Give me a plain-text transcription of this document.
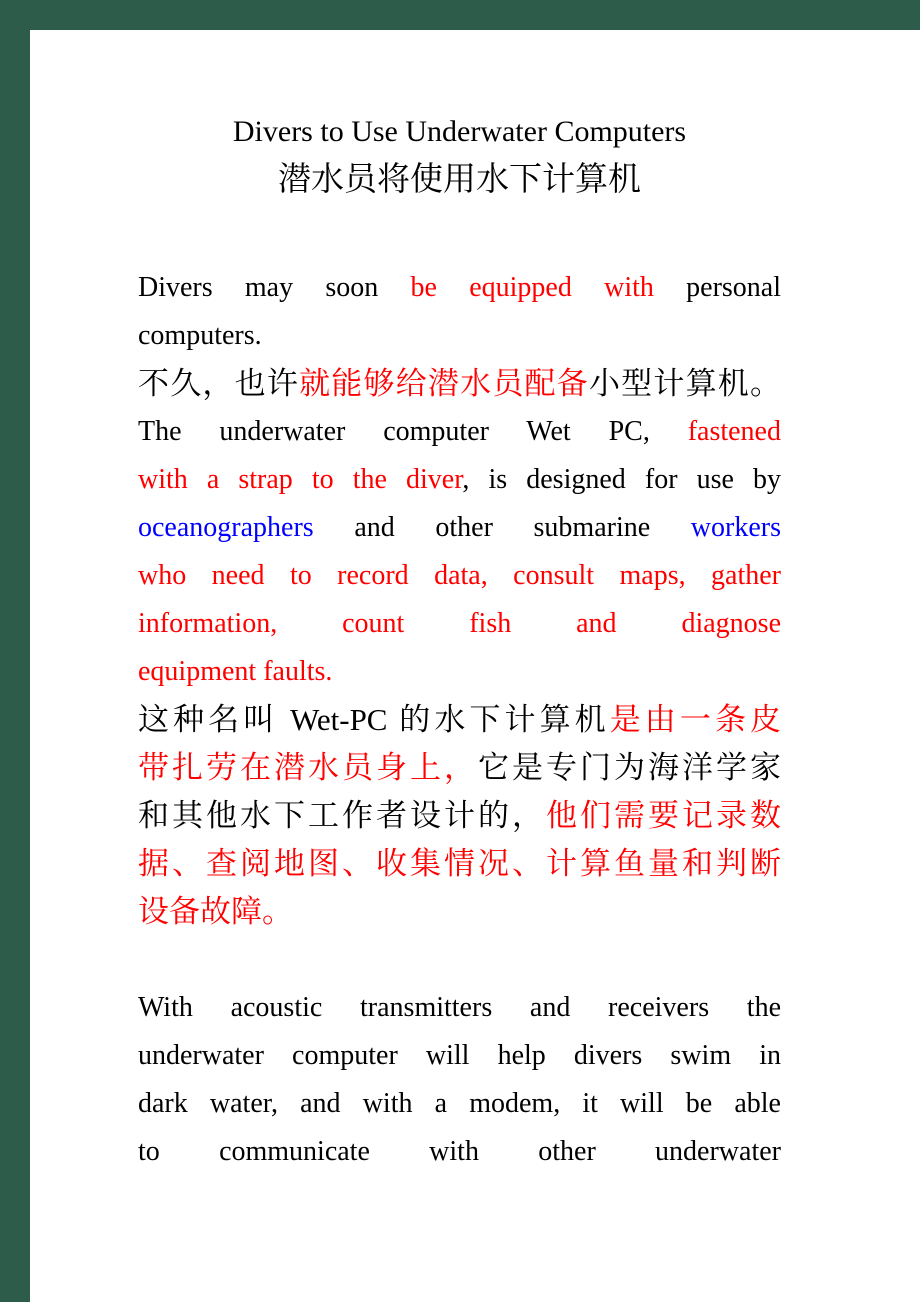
Divers to Use Underwater Computers
潜水员将使用水下计算机
Divers may soon be equipped with personal
computers.
不久，也许就能够给潜水员配备小型计算机。
The underwater computer Wet PC, fastened
with a strap to the diver, is designed for use by
oceanographers and other submarine workers
who need to record data, consult maps, gather
information, count fish and diagnose
equipment faults.
这种名叫 Wet-PC 的水下计算机是由一条皮
带扎劳在潜水员身上，它是专门为海洋学家
和其他水下工作者设计的，他们需要记录数
据、查阅地图、收集情况、计算鱼量和判断
设备故障。
With acoustic transmitters and receivers the
underwater computer will help divers swim in
dark water, and with a modem, it will be able
to communicate with other underwater
